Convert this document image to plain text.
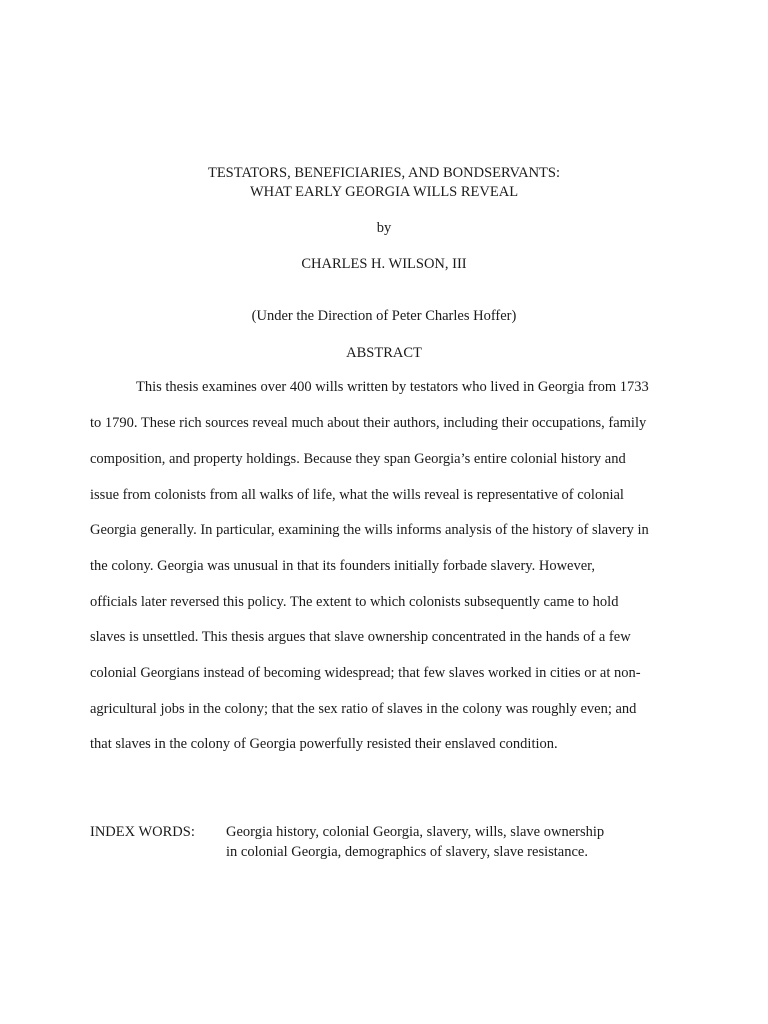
TESTATORS, BENEFICIARIES, AND BONDSERVANTS:
WHAT EARLY GEORGIA WILLS REVEAL
by
CHARLES H. WILSON, III
(Under the Direction of Peter Charles Hoffer)
ABSTRACT
This thesis examines over 400 wills written by testators who lived in Georgia from 1733
to 1790. These rich sources reveal much about their authors, including their occupations, family
composition, and property holdings. Because they span Georgia’s entire colonial history and
issue from colonists from all walks of life, what the wills reveal is representative of colonial
Georgia generally. In particular, examining the wills informs analysis of the history of slavery in
the colony. Georgia was unusual in that its founders initially forbade slavery. However,
officials later reversed this policy. The extent to which colonists subsequently came to hold
slaves is unsettled. This thesis argues that slave ownership concentrated in the hands of a few
colonial Georgians instead of becoming widespread; that few slaves worked in cities or at non-
agricultural jobs in the colony; that the sex ratio of slaves in the colony was roughly even; and
that slaves in the colony of Georgia powerfully resisted their enslaved condition.
INDEX WORDS: Georgia history, colonial Georgia, slavery, wills, slave ownership
in colonial Georgia, demographics of slavery, slave resistance.
